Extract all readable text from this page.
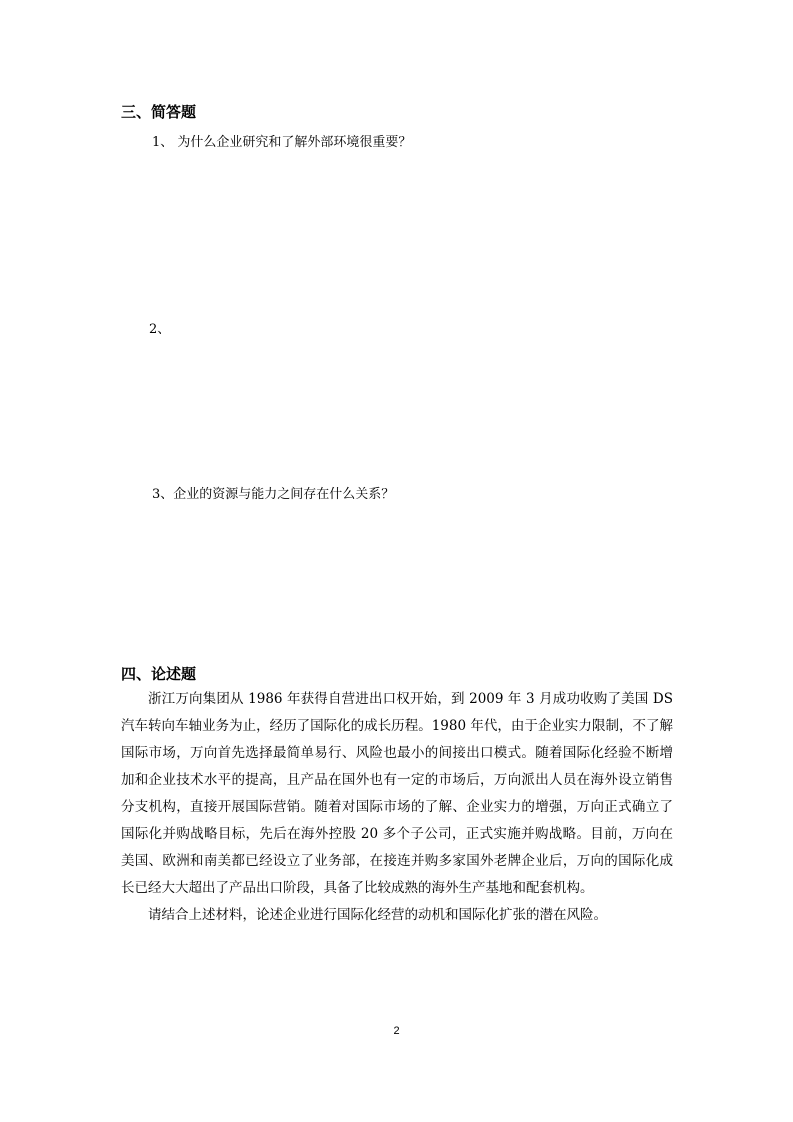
三、简答题

1、 为什么企业研究和了解外部环境很重要？

2、

3、企业的资源与能力之间存在什么关系？

四、论述题

浙江万向集团从 1986 年获得自营进出口权开始，到 2009 年 3 月成功收购了美国 DS 汽车转向车轴业务为止，经历了国际化的成长历程。1980 年代，由于企业实力限制，不了解国际市场，万向首先选择最简单易行、风险也最小的间接出口模式。随着国际化经验不断增加和企业技术水平的提高，且产品在国外也有一定的市场后，万向派出人员在海外设立销售分支机构，直接开展国际营销。随着对国际市场的了解、企业实力的增强，万向正式确立了国际化并购战略目标，先后在海外控股 20 多个子公司，正式实施并购战略。目前，万向在美国、欧洲和南美都已经设立了业务部，在接连并购多家国外老牌企业后，万向的国际化成长已经大大超出了产品出口阶段，具备了比较成熟的海外生产基地和配套机构。

请结合上述材料，论述企业进行国际化经营的动机和国际化扩张的潜在风险。

2
